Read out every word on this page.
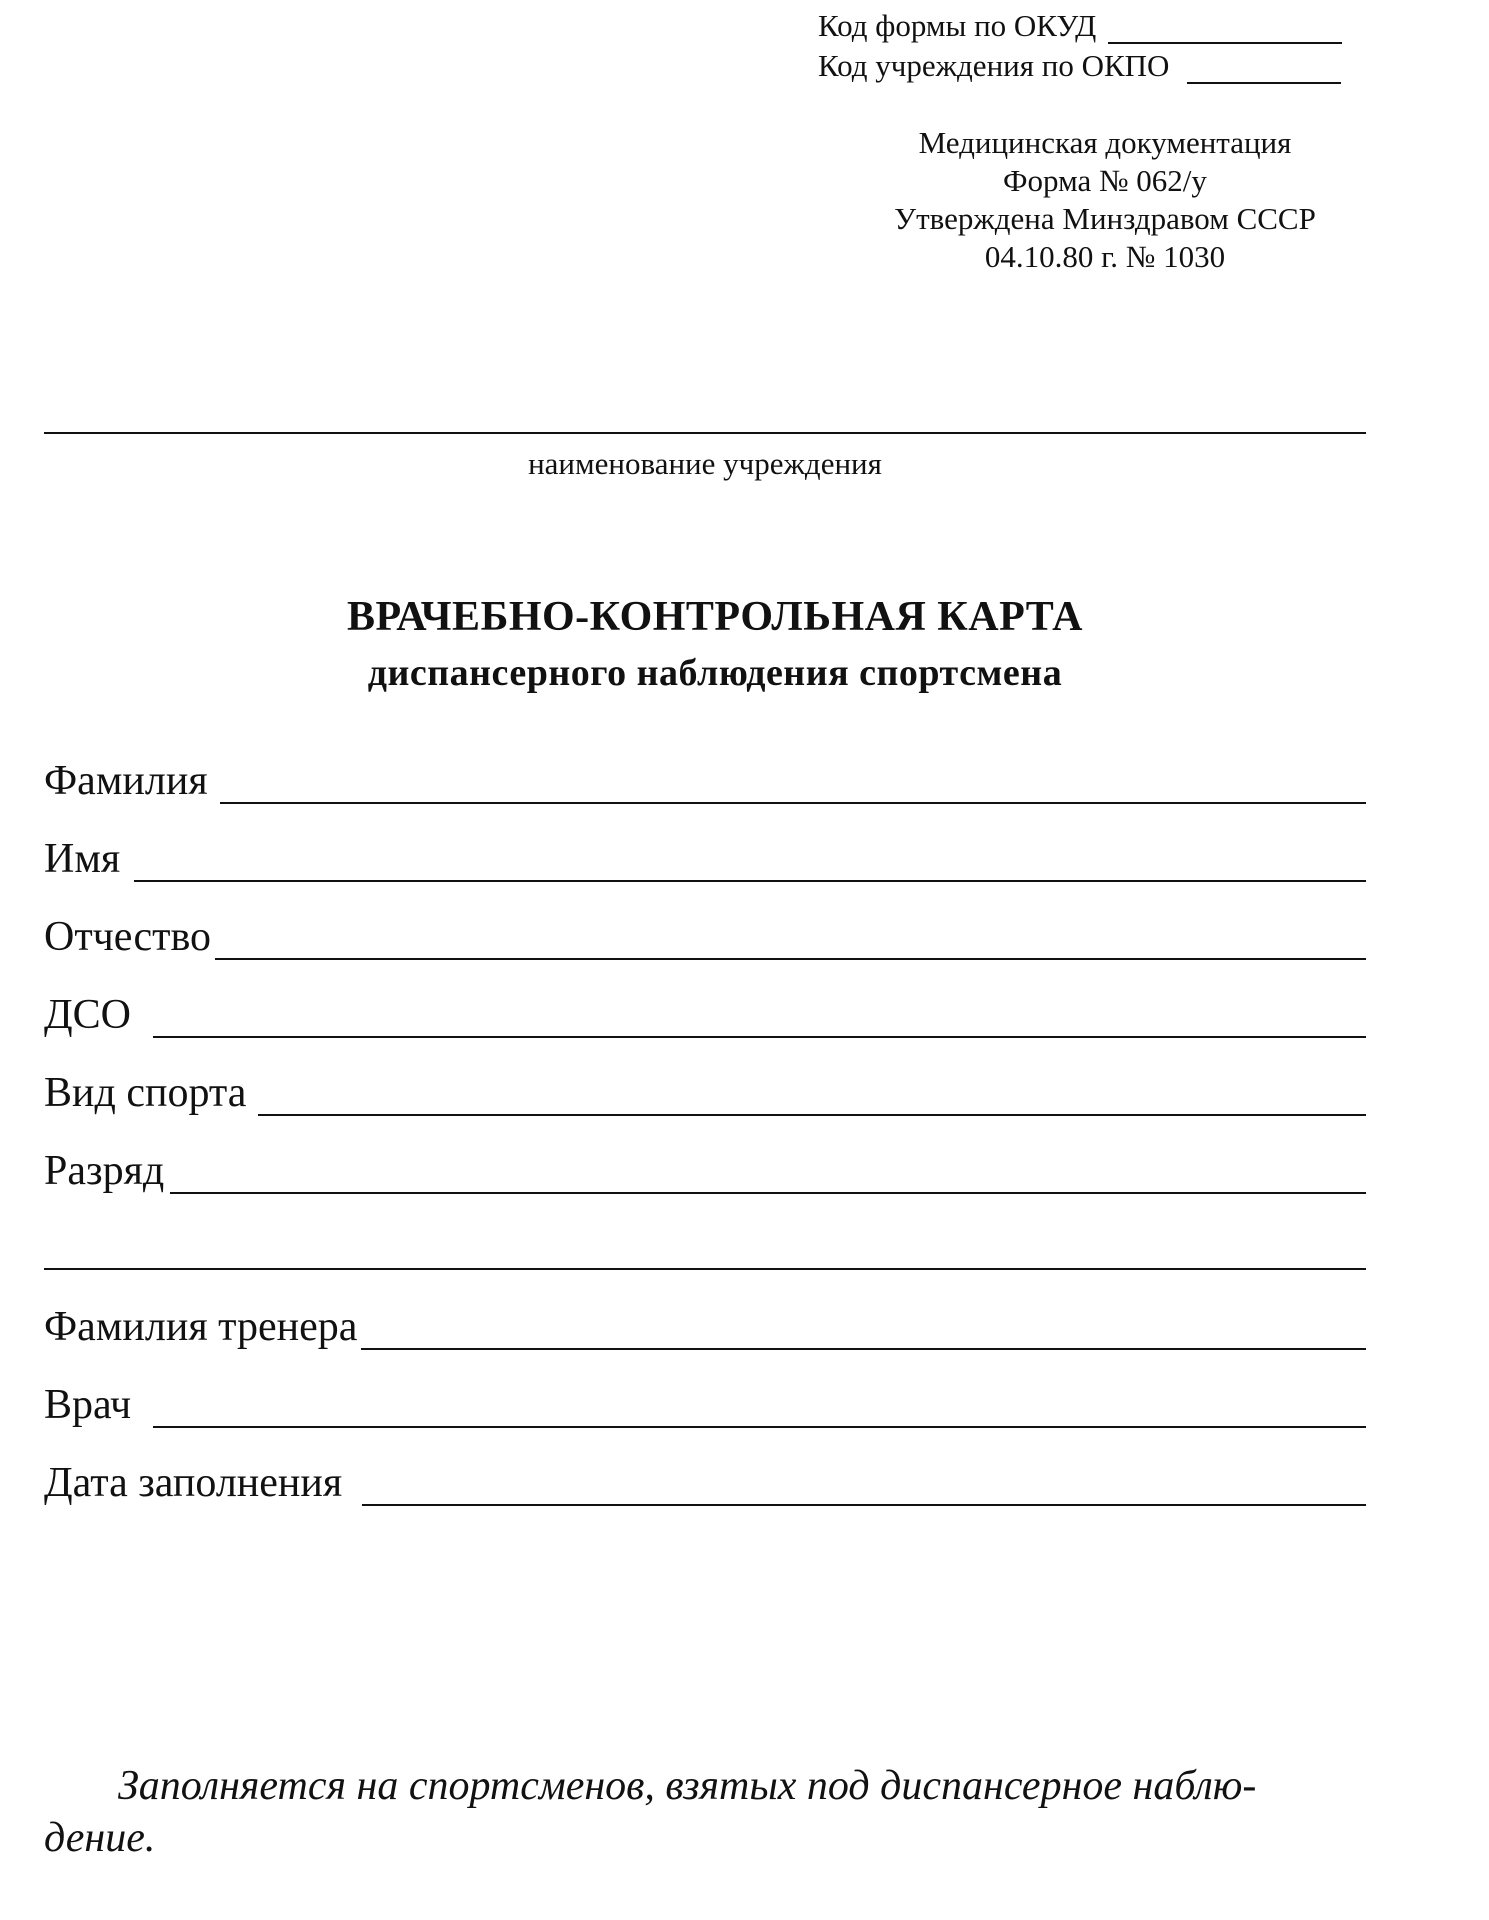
Код формы по ОКУД
Код учреждения по ОКПО
Медицинская документация
Форма № 062/у
Утверждена Минздравом СССР
04.10.80 г. № 1030
наименование учреждения
ВРАЧЕБНО-КОНТРОЛЬНАЯ КАРТА
диспансерного наблюдения спортсмена
Фамилия
Имя
Отчество
ДСО
Вид спорта
Разряд
Фамилия тренера
Врач
Дата заполнения
Заполняется на спортсменов, взятых под диспансерное наблю-
дение.
